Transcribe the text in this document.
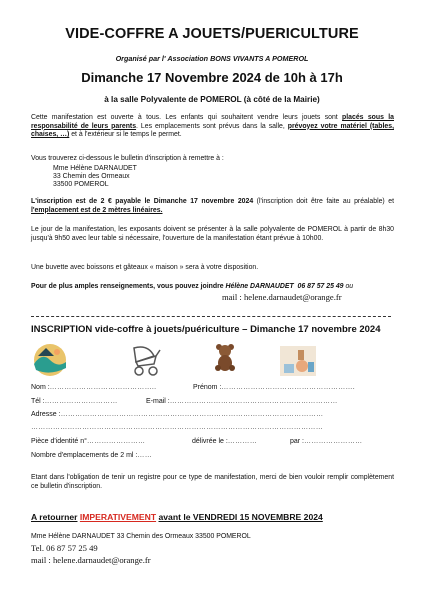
VIDE-COFFRE A JOUETS/PUERICULTURE
Organisé par l' Association BONS VIVANTS A POMEROL
Dimanche 17 Novembre 2024 de 10h à 17h
à la salle Polyvalente de POMEROL (à côté de la Mairie)
Cette manifestation est ouverte à tous. Les enfants qui souhaitent vendre leurs jouets sont placés sous la responsabilité de leurs parents. Les emplacements sont prévus dans la salle, prévoyez votre matériel (tables, chaises, …) et à l'extérieur si le temps le permet.
Vous trouverez ci-dessous le bulletin d'inscription à remettre à :
Mme Hélène DARNAUDET
33 Chemin des Ormeaux
33500 POMEROL
L'inscription est de 2 € payable le Dimanche 17 novembre 2024 (l'inscription doit être faite au préalable) et l'emplacement est de 2 mètres linéaires.
Le jour de la manifestation, les exposants doivent se présenter à la salle polyvalente de POMEROL à partir de 8h30 jusqu'à 9h50 avec leur table si nécessaire, l'ouverture de la manifestation étant prévue à 10h00.
Une buvette avec boissons et gâteaux « maison » sera à votre disposition.
Pour de plus amples renseignements, vous pouvez joindre Hélène DARNAUDET 06 87 57 25 49 ou
mail : helene.darnaudet@orange.fr
INSCRIPTION vide-coffre à jouets/puériculture – Dimanche 17 novembre 2024
Nom :……………………………………..	Prénom :……………………………………………….
Tél :…………………………	E-mail :……………………………………………………………
Adresse :………………………………………………………………………………………………
…………………………………………………………………………………………………………
Pièce d'identité n°……………………	délivrée le :…………	par :……………………
Nombre d'emplacements de 2 ml :……
Etant dans l'obligation de tenir un registre pour ce type de manifestation, merci de bien vouloir remplir complètement ce bulletin d'inscription.
A retourner IMPERATIVEMENT avant le VENDREDI 15 NOVEMBRE 2024
Mme Hélène DARNAUDET 33 Chemin des Ormeaux 33500 POMEROL
Tel. 06 87 57 25 49
mail : helene.darnaudet@orange.fr
